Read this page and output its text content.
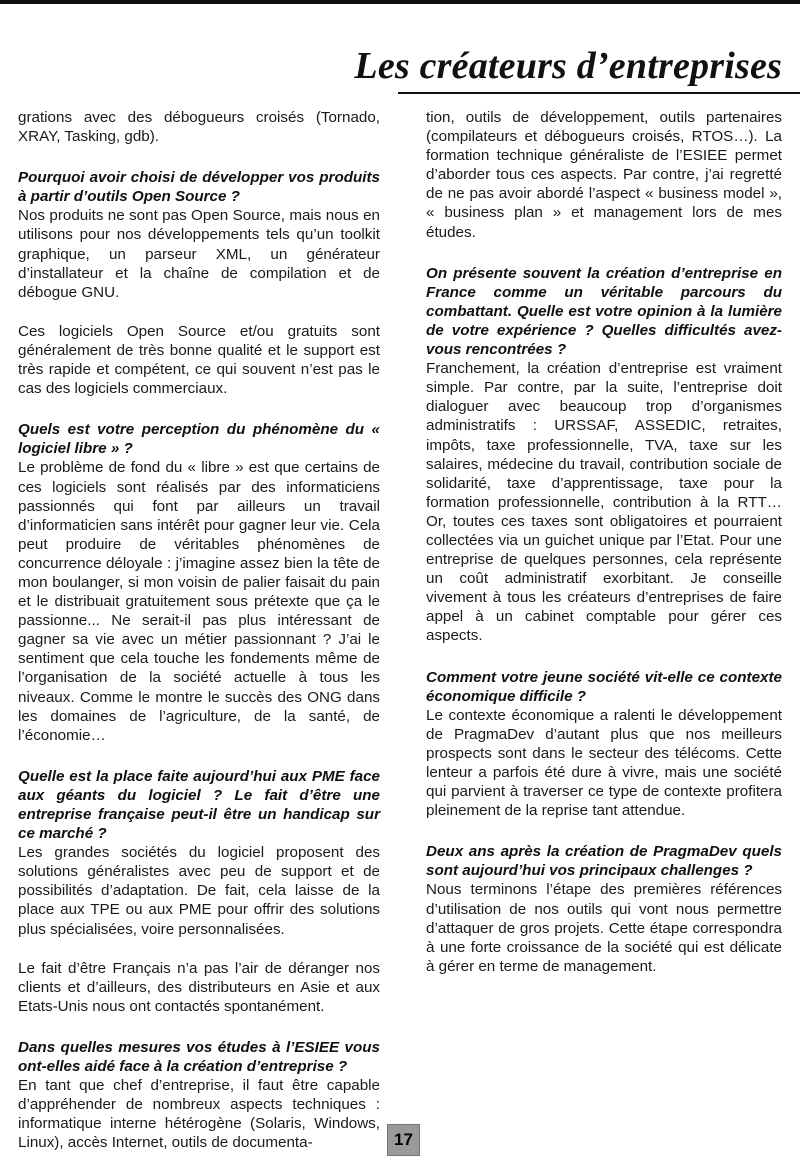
Les créateurs d’entreprises

grations avec des débogueurs croisés (Tornado, XRAY, Tasking, gdb).

Pourquoi avoir choisi de développer vos produits à partir d’outils Open Source ?

Nos produits ne sont pas Open Source, mais nous en utilisons pour nos développements tels qu’un toolkit graphique, un parseur XML, un générateur d’installateur et la chaîne de compilation et de débogue GNU.

Ces logiciels Open Source et/ou gratuits sont généralement de très bonne qualité et le support est très rapide et compétent, ce qui souvent n’est pas le cas des logiciels commerciaux.

Quels est votre perception du phénomène du « logiciel libre » ?

Le problème de fond du « libre » est que certains de ces logiciels sont réalisés par des informaticiens passionnés qui font par ailleurs un travail d’informaticien sans intérêt pour gagner leur vie. Cela peut produire de véritables phénomènes de concurrence déloyale : j’imagine assez bien la tête de mon boulanger, si mon voisin de palier faisait du pain et le distribuait gratuitement sous prétexte que ça le passionne... Ne serait-il pas plus intéressant de gagner sa vie avec un métier passionnant ? J’ai le sentiment que cela touche les fondements même de l’organisation de la société actuelle à tous les niveaux. Comme le montre le succès des ONG dans les domaines de l’agriculture, de la santé, de l’économie…

Quelle est la place faite aujourd’hui aux PME face aux géants du logiciel ? Le fait d’être une entreprise française peut-il être un handicap sur ce marché ?

Les grandes sociétés du logiciel proposent des solutions généralistes avec peu de support et de possibilités d’adaptation. De fait, cela laisse de la place aux TPE ou aux PME pour offrir des solutions plus spécialisées, voire personnalisées.

Le fait d’être Français n’a pas l’air de déranger nos clients et d’ailleurs, des distributeurs en Asie et aux Etats-Unis nous ont contactés spontanément.

Dans quelles mesures vos études à l’ESIEE vous ont-elles aidé face à la création d’entreprise ?

En tant que chef d’entreprise, il faut être capable d’appréhender de nombreux aspects techniques : informatique interne hétérogène (Solaris, Windows, Linux), accès Internet, outils de documenta-

tion, outils de développement, outils partenaires (compilateurs et débogueurs croisés, RTOS…). La formation technique généraliste de l’ESIEE permet d’aborder tous ces aspects. Par contre, j’ai regretté de ne pas avoir abordé l’aspect « business model », « business plan » et management lors de mes études.

On présente souvent la création d’entreprise en France comme un véritable parcours du combattant. Quelle est votre opinion à la lumière de votre expérience ? Quelles difficultés avez-vous rencontrées ?

Franchement, la création d’entreprise est vraiment simple. Par contre, par la suite, l’entreprise doit dialoguer avec beaucoup trop d’organismes administratifs : URSSAF, ASSEDIC, retraites, impôts, taxe professionnelle, TVA, taxe sur les salaires, médecine du travail, contribution sociale de solidarité, taxe d’apprentissage, taxe pour la formation professionnelle, contribution à la RTT… Or, toutes ces taxes sont obligatoires et pourraient collectées via un guichet unique par l’Etat. Pour une entreprise de quelques personnes, cela représente un coût administratif exorbitant. Je conseille vivement à tous les créateurs d’entreprises de faire appel à un cabinet comptable pour gérer ces aspects.

Comment votre jeune société vit-elle ce contexte économique difficile ?

Le contexte économique a ralenti le développement de PragmaDev d’autant plus que nos meilleurs prospects sont dans le secteur des télécoms. Cette lenteur a parfois été dure à vivre, mais une société qui parvient à traverser ce type de contexte profitera pleinement de la reprise tant attendue.

Deux ans après la création de PragmaDev quels sont aujourd’hui vos principaux challenges ?

Nous terminons l’étape des premières références d’utilisation de nos outils qui vont nous permettre d’attaquer de gros projets. Cette étape correspondra à une forte croissance de la société qui est délicate à gérer en terme de management.

17
